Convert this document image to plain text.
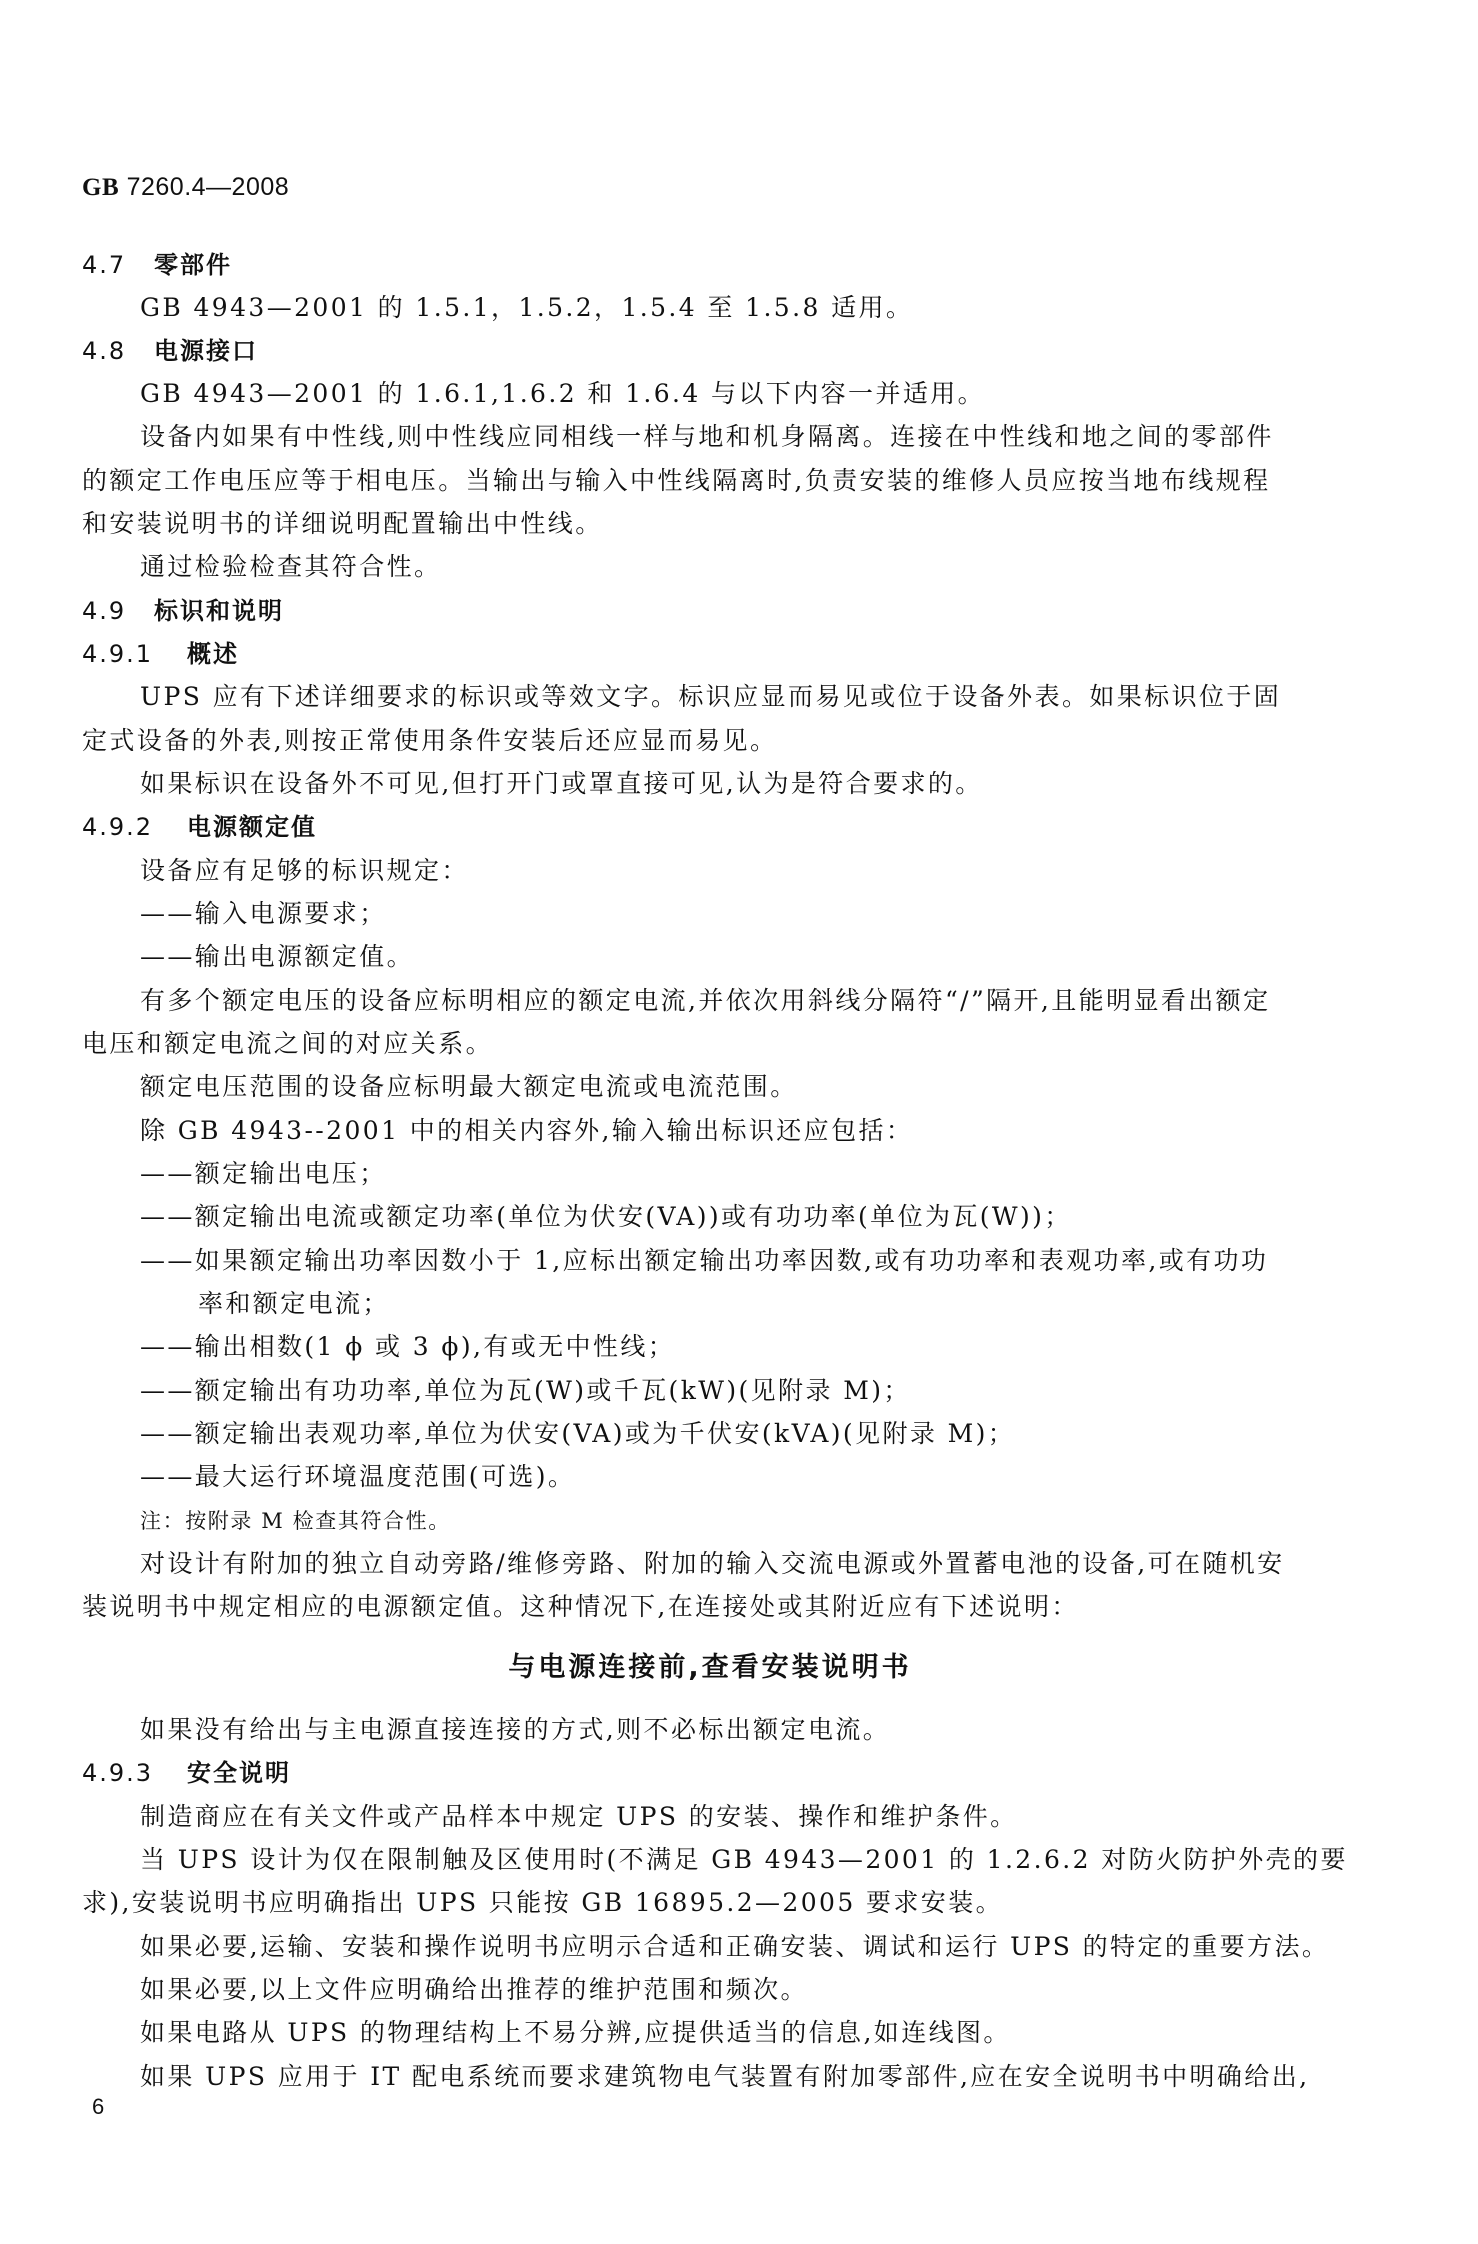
GB 7260.4—2008
4.7 零部件
GB 4943—2001 的 1.5.1，1.5.2，1.5.4 至 1.5.8 适用。
4.8 电源接口
GB 4943—2001 的 1.6.1,1.6.2 和 1.6.4 与以下内容一并适用。
设备内如果有中性线,则中性线应同相线一样与地和机身隔离。连接在中性线和地之间的零部件
的额定工作电压应等于相电压。当输出与输入中性线隔离时,负责安装的维修人员应按当地布线规程
和安装说明书的详细说明配置输出中性线。
通过检验检查其符合性。
4.9 标识和说明
4.9.1 概述
UPS 应有下述详细要求的标识或等效文字。标识应显而易见或位于设备外表。如果标识位于固
定式设备的外表,则按正常使用条件安装后还应显而易见。
如果标识在设备外不可见,但打开门或罩直接可见,认为是符合要求的。
4.9.2 电源额定值
设备应有足够的标识规定：
——输入电源要求；
——输出电源额定值。
有多个额定电压的设备应标明相应的额定电流,并依次用斜线分隔符“/”隔开,且能明显看出额定
电压和额定电流之间的对应关系。
额定电压范围的设备应标明最大额定电流或电流范围。
除 GB 4943--2001 中的相关内容外,输入输出标识还应包括：
——额定输出电压；
——额定输出电流或额定功率(单位为伏安(VA))或有功功率(单位为瓦(W))；
——如果额定输出功率因数小于 1,应标出额定输出功率因数,或有功功率和表观功率,或有功功
率和额定电流；
——输出相数(1 ϕ 或 3 ϕ),有或无中性线；
——额定输出有功功率,单位为瓦(W)或千瓦(kW)(见附录 M)；
——额定输出表观功率,单位为伏安(VA)或为千伏安(kVA)(见附录 M)；
——最大运行环境温度范围(可选)。
注：按附录 M 检查其符合性。
对设计有附加的独立自动旁路/维修旁路、附加的输入交流电源或外置蓄电池的设备,可在随机安
装说明书中规定相应的电源额定值。这种情况下,在连接处或其附近应有下述说明：
与电源连接前,查看安装说明书
如果没有给出与主电源直接连接的方式,则不必标出额定电流。
4.9.3 安全说明
制造商应在有关文件或产品样本中规定 UPS 的安装、操作和维护条件。
当 UPS 设计为仅在限制触及区使用时(不满足 GB 4943—2001 的 1.2.6.2 对防火防护外壳的要
求),安装说明书应明确指出 UPS 只能按 GB 16895.2—2005 要求安装。
如果必要,运输、安装和操作说明书应明示合适和正确安装、调试和运行 UPS 的特定的重要方法。
如果必要,以上文件应明确给出推荐的维护范围和频次。
如果电路从 UPS 的物理结构上不易分辨,应提供适当的信息,如连线图。
如果 UPS 应用于 IT 配电系统而要求建筑物电气装置有附加零部件,应在安全说明书中明确给出,
6
